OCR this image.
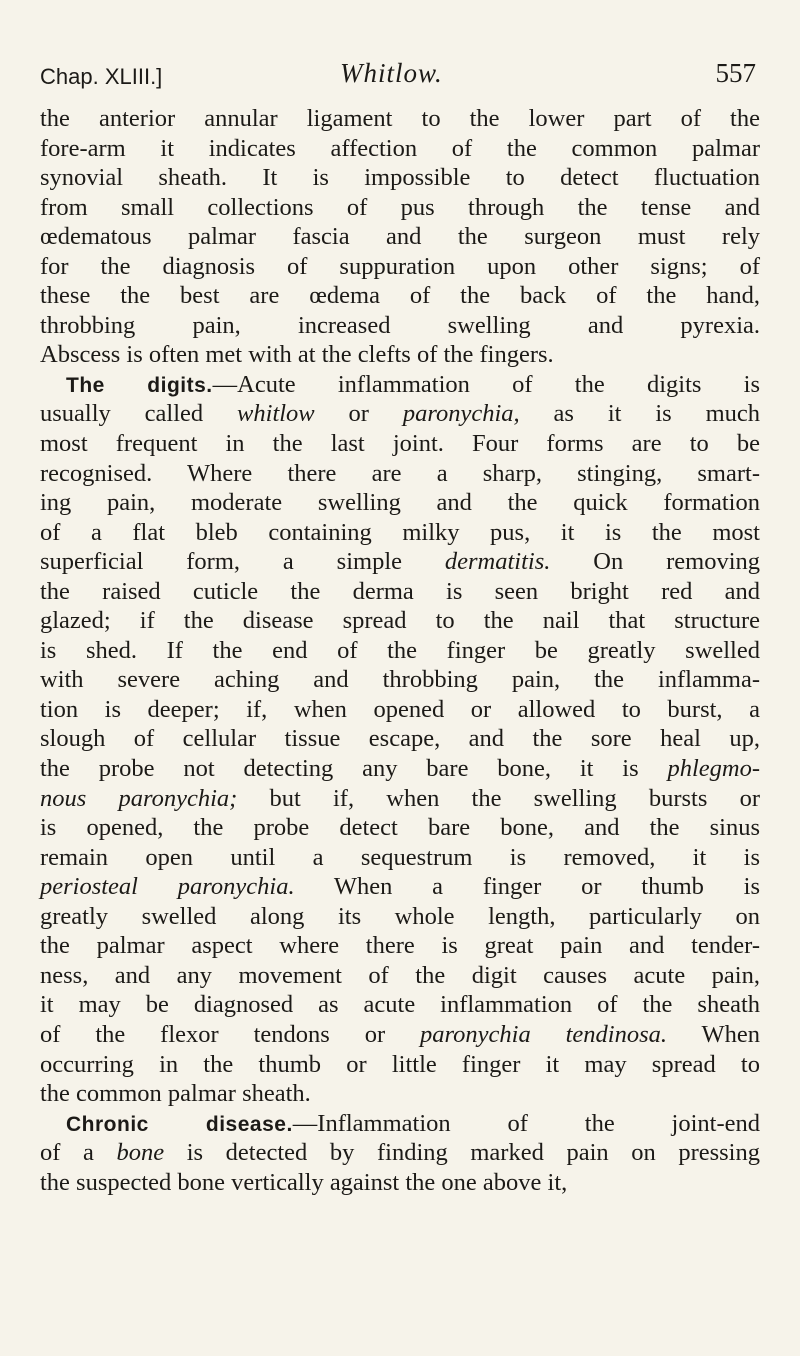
Chap. XLIII.]	Whitlow.	557
the anterior annular ligament to the lower part of the
fore-arm it indicates affection of the common palmar
synovial sheath. It is impossible to detect fluctuation
from small collections of pus through the tense and
œdematous palmar fascia and the surgeon must rely
for the diagnosis of suppuration upon other signs; of
these the best are œdema of the back of the hand,
throbbing pain, increased swelling and pyrexia.
Abscess is often met with at the clefts of the fingers.
The digits.—Acute inflammation of the digits is
usually called whitlow or paronychia, as it is much
most frequent in the last joint. Four forms are to be
recognised. Where there are a sharp, stinging, smart-
ing pain, moderate swelling and the quick formation
of a flat bleb containing milky pus, it is the most
superficial form, a simple dermatitis. On removing
the raised cuticle the derma is seen bright red and
glazed; if the disease spread to the nail that structure
is shed. If the end of the finger be greatly swelled
with severe aching and throbbing pain, the inflamma-
tion is deeper; if, when opened or allowed to burst, a
slough of cellular tissue escape, and the sore heal up,
the probe not detecting any bare bone, it is phlegmo-
nous paronychia; but if, when the swelling bursts or
is opened, the probe detect bare bone, and the sinus
remain open until a sequestrum is removed, it is
periosteal paronychia. When a finger or thumb is
greatly swelled along its whole length, particularly on
the palmar aspect where there is great pain and tender-
ness, and any movement of the digit causes acute pain,
it may be diagnosed as acute inflammation of the sheath
of the flexor tendons or paronychia tendinosa. When
occurring in the thumb or little finger it may spread to
the common palmar sheath.
Chronic disease.—Inflammation of the joint-end
of a bone is detected by finding marked pain on pressing
the suspected bone vertically against the one above it,
